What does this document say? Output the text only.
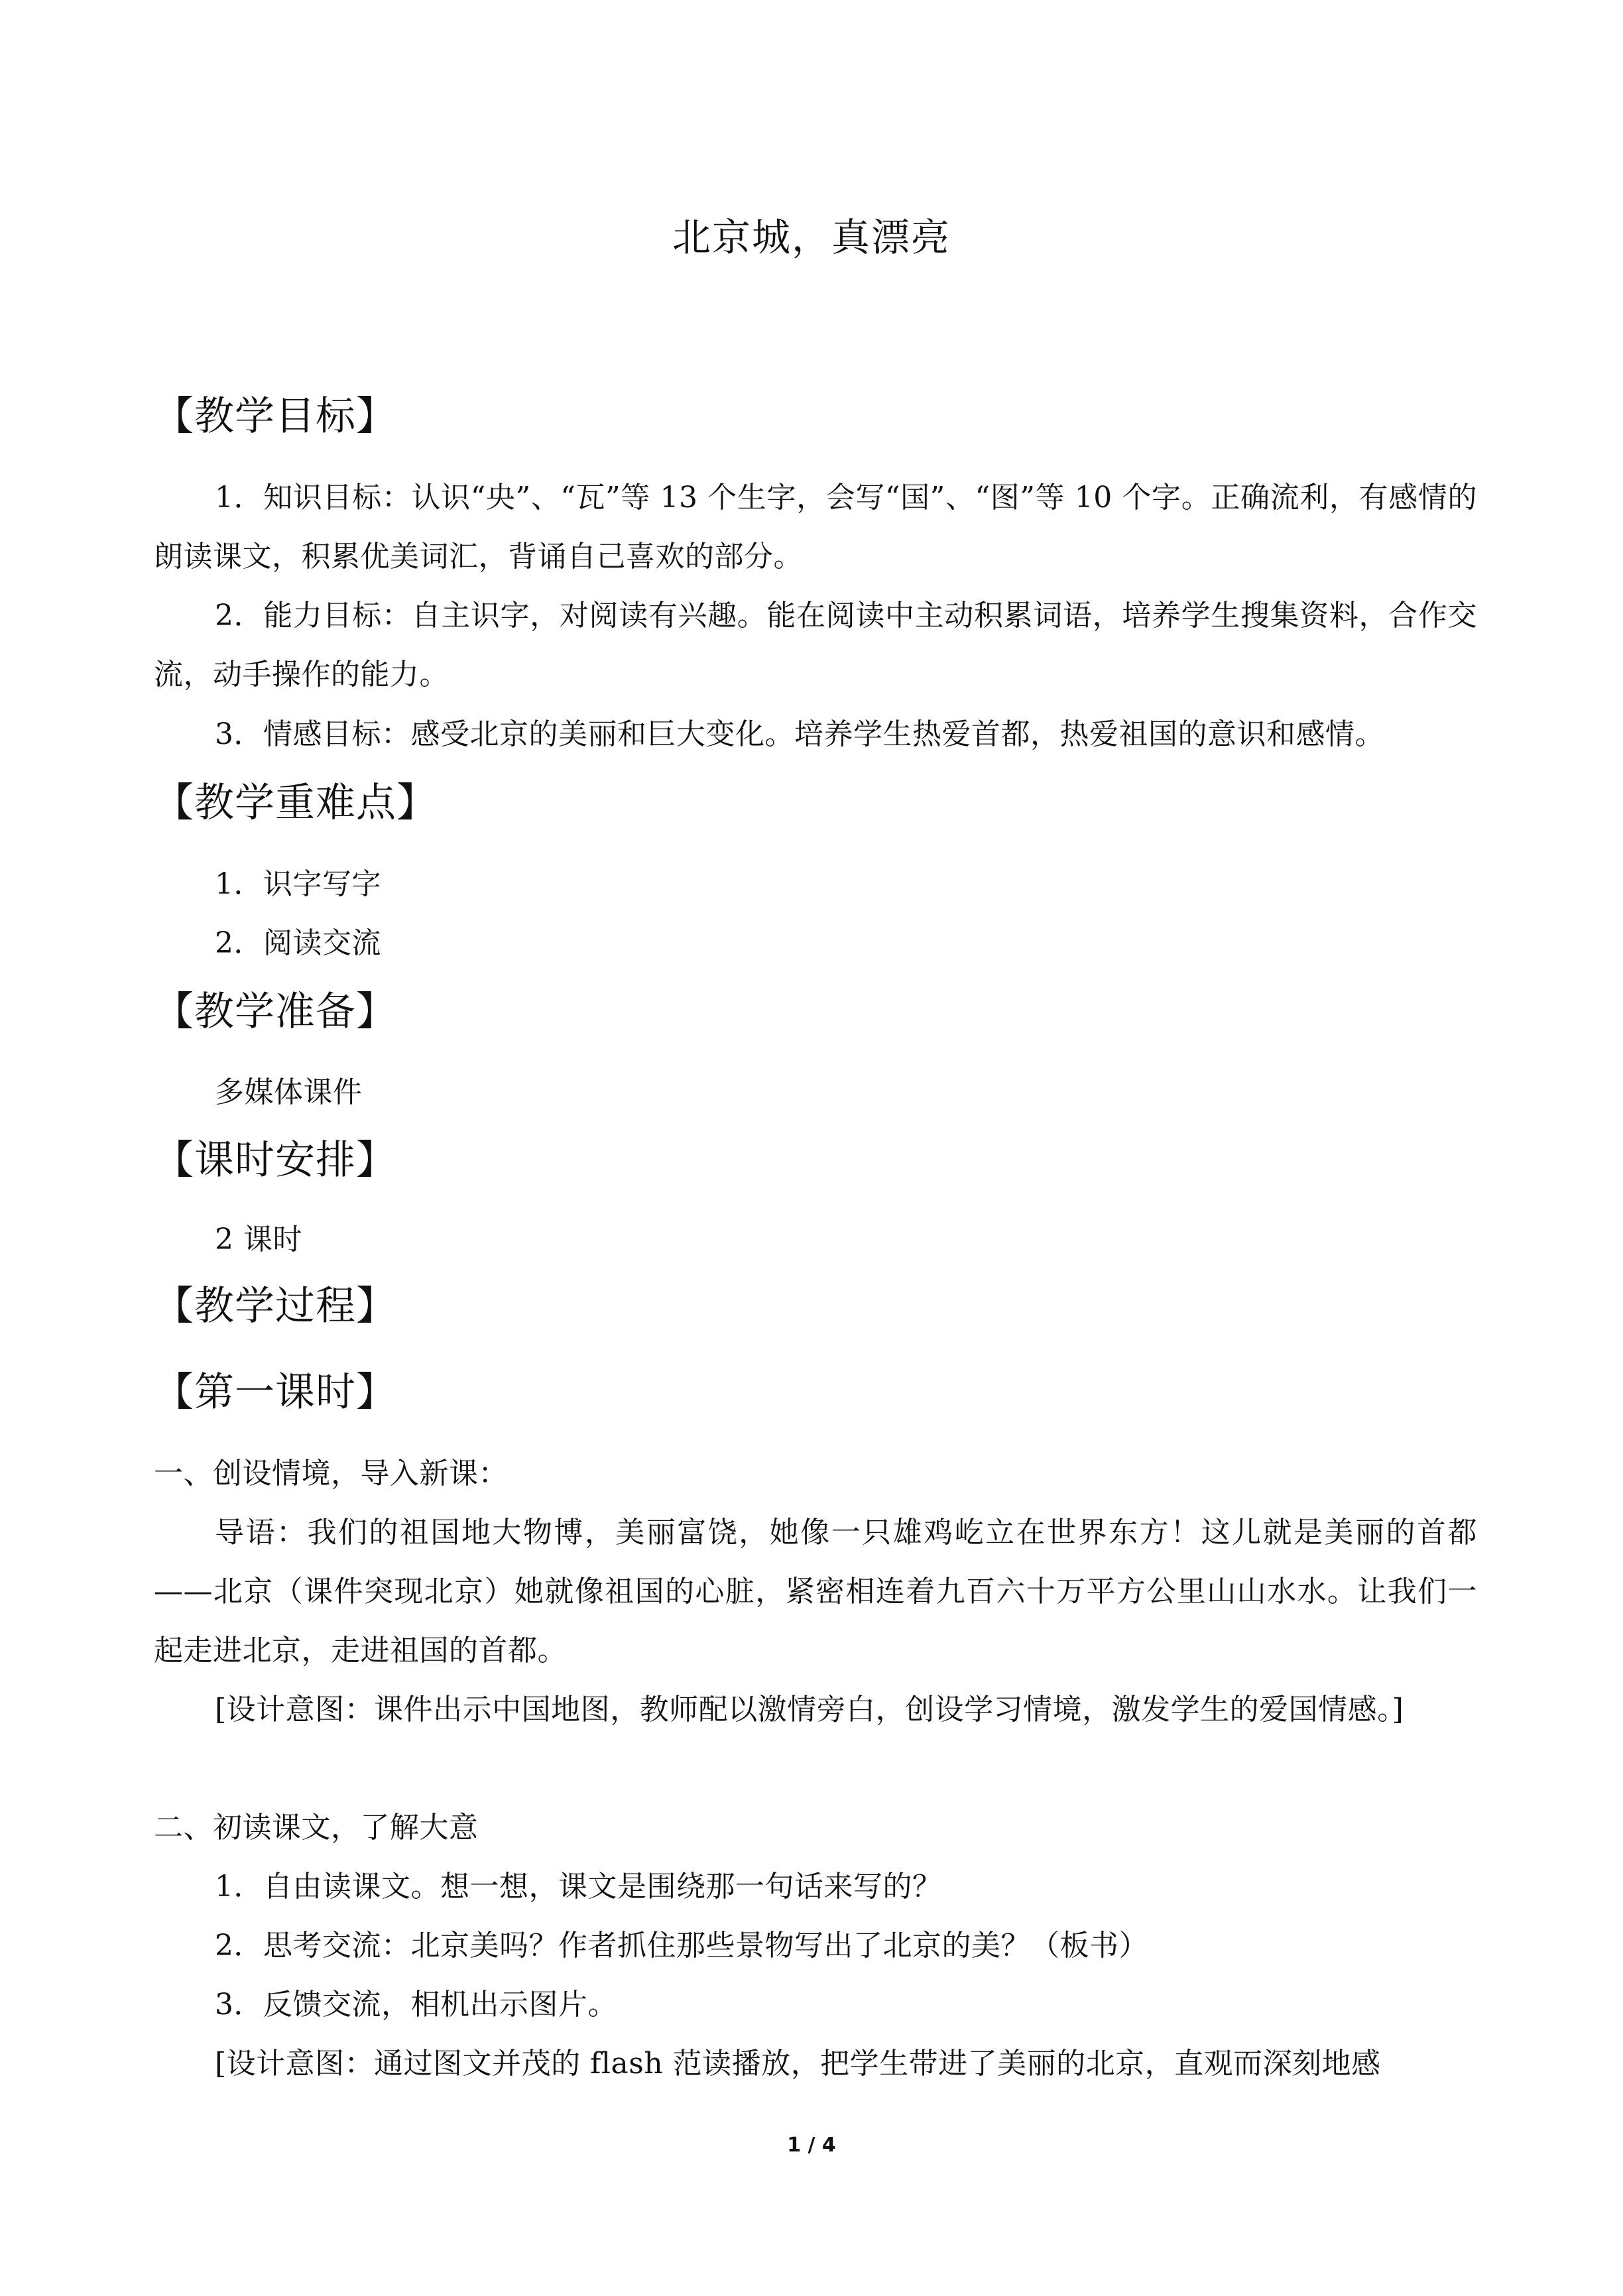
北京城，真漂亮
【教学目标】
1．知识目标：认识“央”、“瓦”等 13 个生字，会写“国”、“图”等 10 个字。正确流利，有感情的朗读课文，积累优美词汇，背诵自己喜欢的部分。
2．能力目标：自主识字，对阅读有兴趣。能在阅读中主动积累词语，培养学生搜集资料，合作交流，动手操作的能力。
3．情感目标：感受北京的美丽和巨大变化。培养学生热爱首都，热爱祖国的意识和感情。
【教学重难点】
1．识字写字
2．阅读交流
【教学准备】
多媒体课件
【课时安排】
2 课时
【教学过程】
【第一课时】
一、创设情境，导入新课：
导语：我们的祖国地大物博，美丽富饶，她像一只雄鸡屹立在世界东方！这儿就是美丽的首都——北京（课件突现北京）她就像祖国的心脏，紧密相连着九百六十万平方公里山山水水。让我们一起走进北京，走进祖国的首都。
[设计意图：课件出示中国地图，教师配以激情旁白，创设学习情境，激发学生的爱国情感。]
二、初读课文，了解大意
1．自由读课文。想一想，课文是围绕那一句话来写的？
2．思考交流：北京美吗？作者抓住那些景物写出了北京的美？（板书）
3．反馈交流，相机出示图片。
[设计意图：通过图文并茂的 flash 范读播放，把学生带进了美丽的北京，直观而深刻地感
1 / 4
